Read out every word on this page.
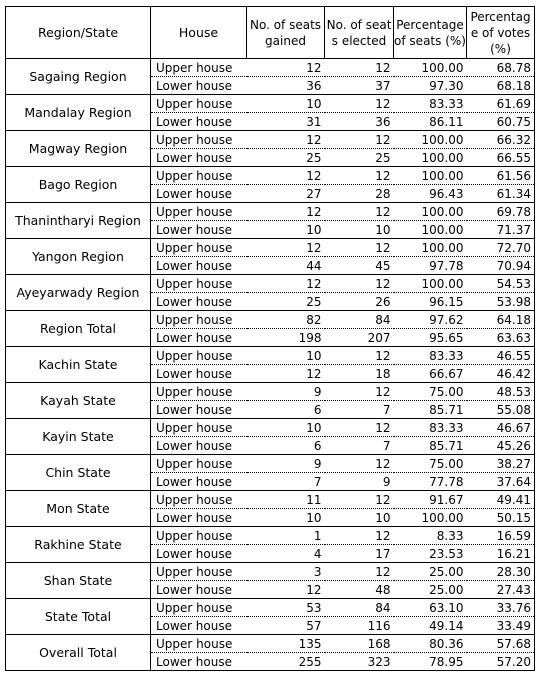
Region/State	House	No. of seats gained	No. of seats elected	Percentage of seats (%)	Percentage of votes (%)
Sagaing Region	Upper house	12	12	100.00	68.78
	Lower house	36	37	97.30	68.18
Mandalay Region	Upper house	10	12	83.33	61.69
	Lower house	31	36	86.11	60.75
Magway Region	Upper house	12	12	100.00	66.32
	Lower house	25	25	100.00	66.55
Bago Region	Upper house	12	12	100.00	61.56
	Lower house	27	28	96.43	61.34
Thanintharyi Region	Upper house	12	12	100.00	69.78
	Lower house	10	10	100.00	71.37
Yangon Region	Upper house	12	12	100.00	72.70
	Lower house	44	45	97.78	70.94
Ayeyarwady Region	Upper house	12	12	100.00	54.53
	Lower house	25	26	96.15	53.98
Region Total	Upper house	82	84	97.62	64.18
	Lower house	198	207	95.65	63.63
Kachin State	Upper house	10	12	83.33	46.55
	Lower house	12	18	66.67	46.42
Kayah State	Upper house	9	12	75.00	48.53
	Lower house	6	7	85.71	55.08
Kayin State	Upper house	10	12	83.33	46.67
	Lower house	6	7	85.71	45.26
Chin State	Upper house	9	12	75.00	38.27
	Lower house	7	9	77.78	37.64
Mon State	Upper house	11	12	91.67	49.41
	Lower house	10	10	100.00	50.15
Rakhine State	Upper house	1	12	8.33	16.59
	Lower house	4	17	23.53	16.21
Shan State	Upper house	3	12	25.00	28.30
	Lower house	12	48	25.00	27.43
State Total	Upper house	53	84	63.10	33.76
	Lower house	57	116	49.14	33.49
Overall Total	Upper house	135	168	80.36	57.68
	Lower house	255	323	78.95	57.20
